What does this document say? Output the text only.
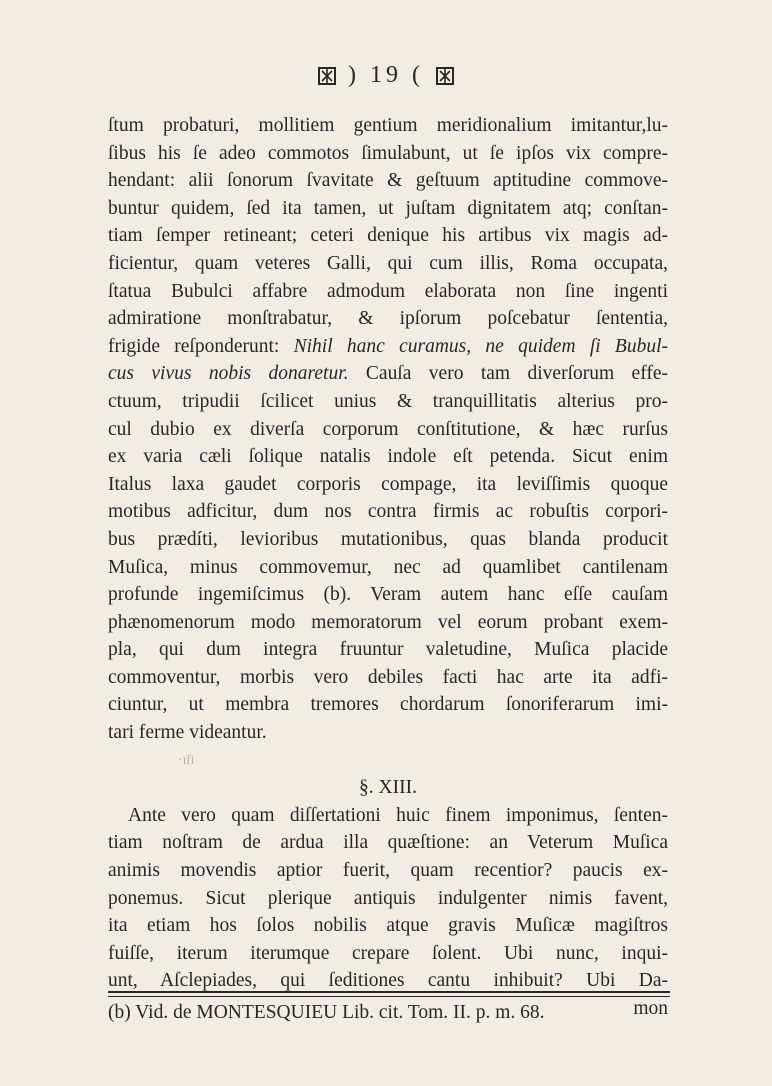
) 19 (
ſtum probaturi, mollitiem gentium meridionalium imitantur,lu-
ſibus his ſe adeo commotos ſimulabunt, ut ſe ipſos vix compre-
hendant: alii ſonorum ſvavitate & geſtuum aptitudine commove-
buntur quidem, ſed ita tamen, ut juſtam dignitatem atq; conſtan-
tiam ſemper retineant; ceteri denique his artibus vix magis ad-
ficientur, quam veteres Galli, qui cum illis, Roma occupata,
ſtatua Bubulci affabre admodum elaborata non ſine ingenti
admiratione monſtrabatur, & ipſorum poſcebatur ſententia,
frigide reſponderunt: Nihil hanc curamus, ne quidem ſi Bubul-
cus vivus nobis donaretur. Cauſa vero tam diverſorum effe-
ctuum, tripudii ſcilicet unius & tranquillitatis alterius pro-
cul dubio ex diverſa corporum conſtitutione, & hæc rurſus
ex varia cæli ſolique natalis indole eſt petenda. Sicut enim
Italus laxa gaudet corporis compage, ita leviſſimis quoque
motibus adficitur, dum nos contra firmis ac robuſtis corpori-
bus prædíti, levioribus mutationibus, quas blanda producit
Muſica, minus commovemur, nec ad quamlibet cantilenam
profunde ingemiſcimus (b). Veram autem hanc eſſe cauſam
phænomenorum modo memoratorum vel eorum probant exem-
pla, qui dum integra fruuntur valetudine, Muſica placide
commoventur, morbis vero debiles facti hac arte ita adfi-
ciuntur, ut membra tremores chordarum ſonoriferarum imi-
tari ferme videantur.
·ıſi
§. XIII.
Ante vero quam diſſertationi huic finem imponimus, ſenten-
tiam noſtram de ardua illa quæſtione: an Veterum Muſica
animis movendis aptior fuerit, quam recentior? paucis ex-
ponemus. Sicut plerique antiquis indulgenter nimis favent,
ita etiam hos ſolos nobilis atque gravis Muſicæ magiſtros
fuiſſe, iterum iterumque crepare ſolent. Ubi nunc, inqui-
unt, Aſclepiades, qui ſeditiones cantu inhibuit? Ubi Da-
mon
(b) Vid. de MONTESQUIEU Lib. cit. Tom. II. p. m. 68.
